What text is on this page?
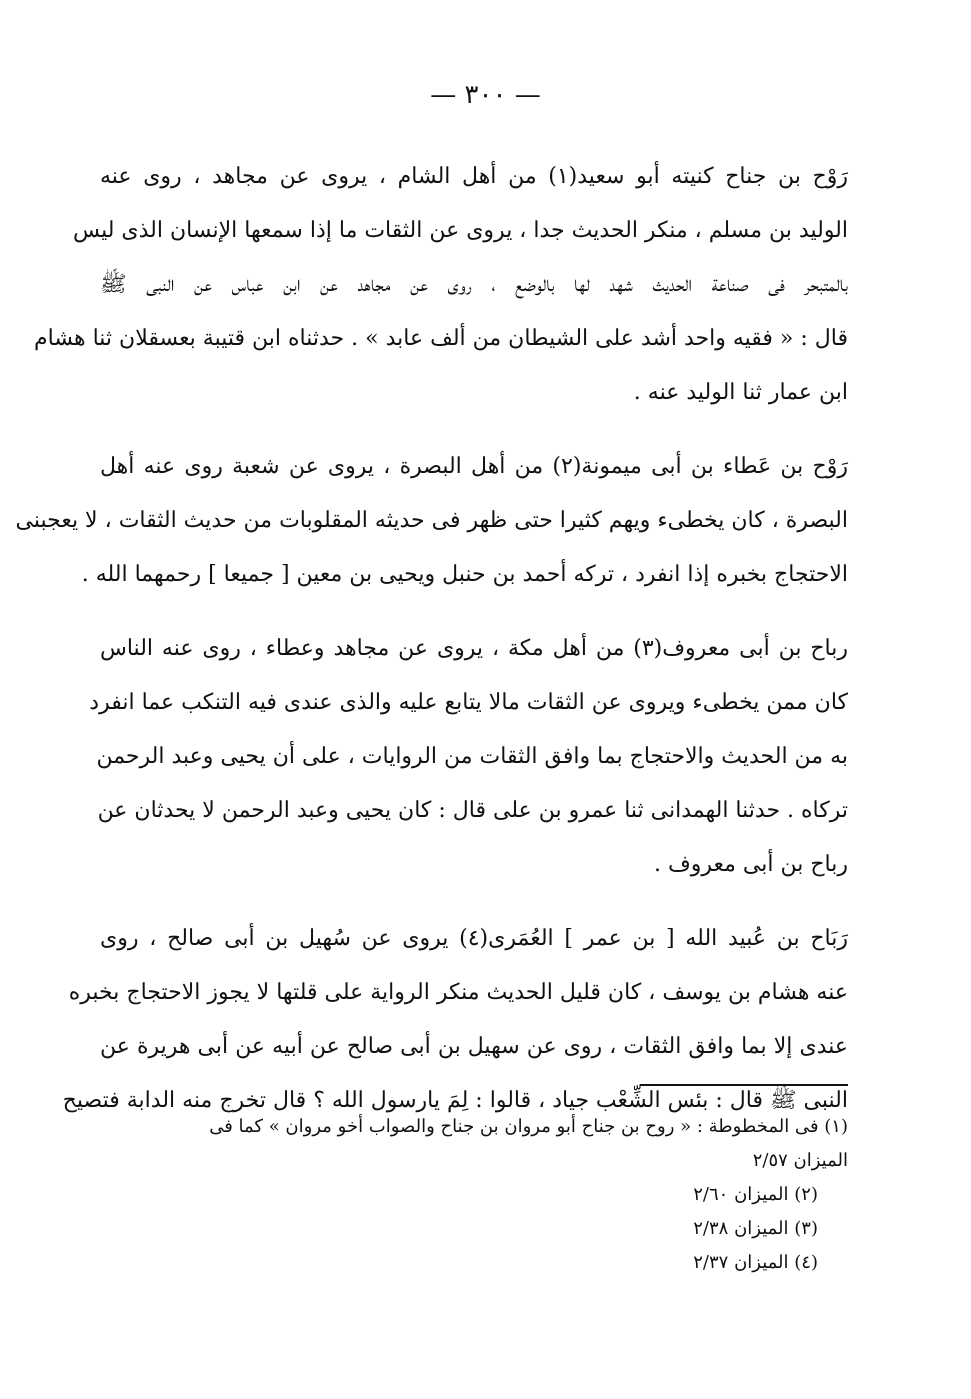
— ٣٠٠ —
رَوْح بن جناح كنيته أبو سعيد(١) من أهل الشام ، يروى عن مجاهد ، روى عنه
الوليد بن مسلم ، منكر الحديث جدا ، يروى عن الثقات ما إذا سمعها الإنسان الذى ليس
بالمتبحر فى صناعة الحديث شهد لها بالوضع ، روى عن مجاهد عن ابن عباس عن النبى ﷺ
قال : « فقيه واحد أشد على الشيطان من ألف عابد » . حدثناه ابن قتيبة بعسقلان ثنا هشام
ابن عمار ثنا الوليد عنه .
رَوْح بن عَطاء بن أبى ميمونة(٢) من أهل البصرة ، يروى عن شعبة روى عنه أهل
البصرة ، كان يخطىء ويهم كثيرا حتى ظهر فى حديثه المقلوبات من حديث الثقات ، لا يعجبنى
الاحتجاج بخبره إذا انفرد ، تركه أحمد بن حنبل ويحيى بن معين [ جميعا ] رحمهما الله .
رباح بن أبى معروف(٣) من أهل مكة ، يروى عن مجاهد وعطاء ، روى عنه الناس
كان ممن يخطىء ويروى عن الثقات مالا يتابع عليه والذى عندى فيه التنكب عما انفرد
به من الحديث والاحتجاج بما وافق الثقات من الروايات ، على أن يحيى وعبد الرحمن
تركاه . حدثنا الهمدانى ثنا عمرو بن على قال : كان يحيى وعبد الرحمن لا يحدثان عن
رباح بن أبى معروف .
رَبَاح بن عُبيد الله [ بن عمر ] العُمَرى(٤) يروى عن سُهيل بن أبى صالح ، روى
عنه هشام بن يوسف ، كان قليل الحديث منكر الرواية على قلتها لا يجوز الاحتجاج بخبره
عندى إلا بما وافق الثقات ، روى عن سهيل بن أبى صالح عن أبيه عن أبى هريرة عن
النبى ﷺ قال : بئس الشِّعْب جياد ، قالوا : لِمَ يارسول الله ؟ قال تخرج منه الدابة فتصيح
(١) فى المخطوطة : « روح بن جناح أبو مروان بن جناح والصواب أخو مروان » كما فى
الميزان ٢/٥٧
(٢) الميزان ٢/٦٠
(٣) الميزان ٢/٣٨
(٤) الميزان ٢/٣٧
